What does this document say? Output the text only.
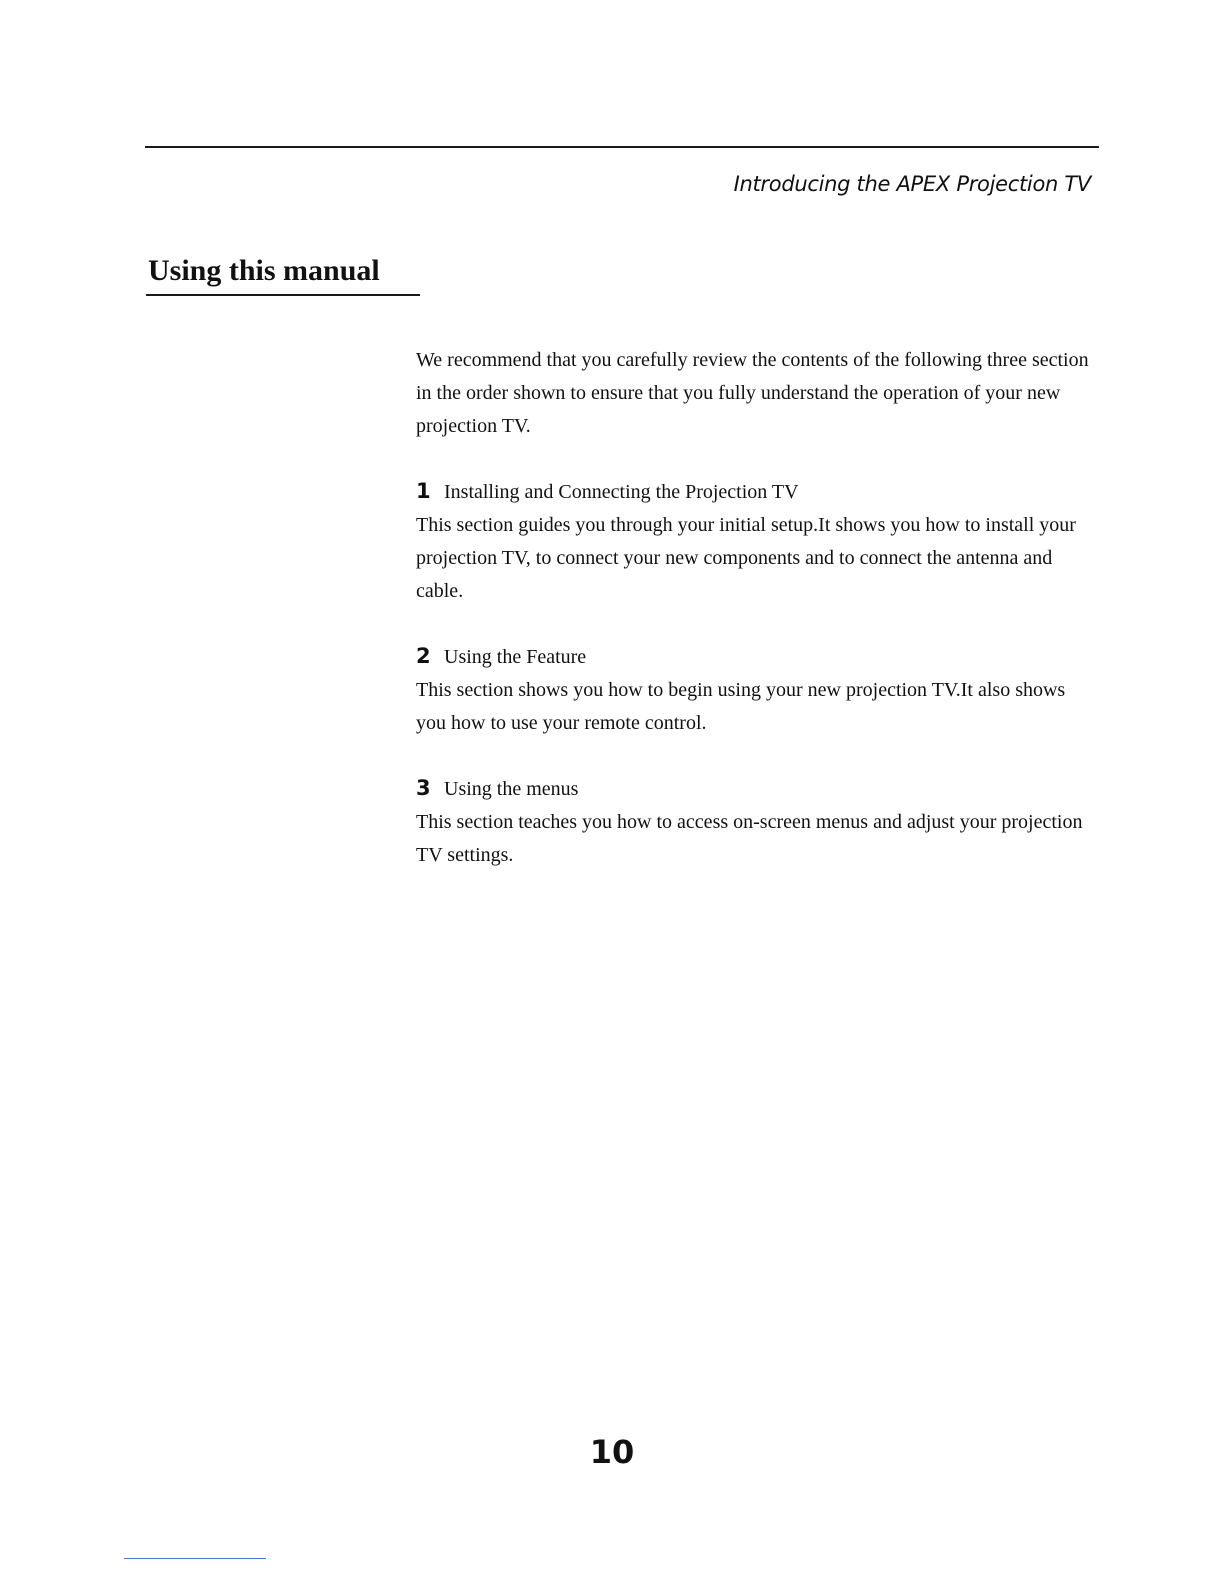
Introducing the APEX Projection TV
Using this manual

We recommend that you carefully review the contents of the following three section in the order shown to ensure that you fully understand the operation of your new projection TV.

1 Installing and Connecting the Projection TV

This section guides you through your initial setup.It shows you how to install your projection TV, to connect your new components and to connect the antenna and cable.

2 Using the Feature

This section shows you how to begin using your new projection TV.It also shows you how to use your remote control.

3 Using the menus

This section teaches you how to access on-screen menus and adjust your projection TV settings.

10
